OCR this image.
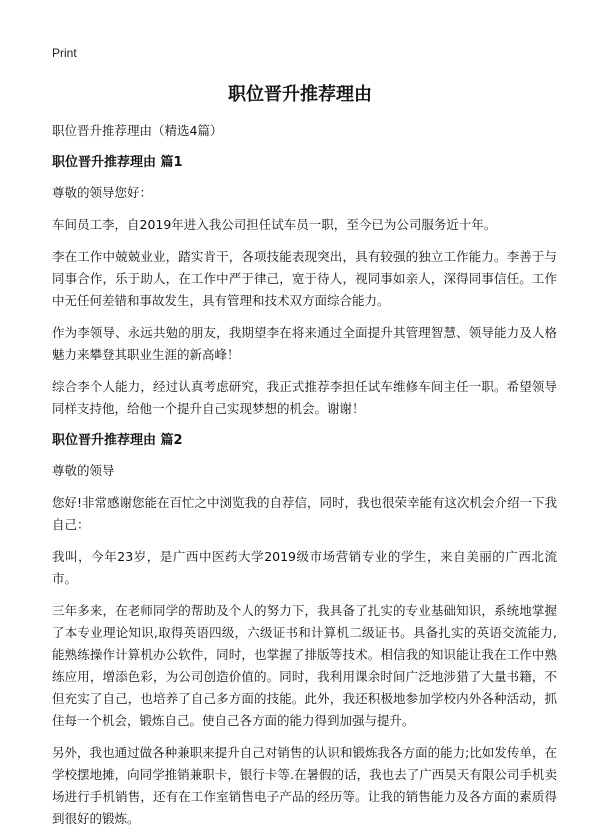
Print
职位晋升推荐理由

职位晋升推荐理由（精选4篇）

职位晋升推荐理由 篇1

尊敬的领导您好：

车间员工李，自2019年进入我公司担任试车员一职，至今已为公司服务近十年。

李在工作中兢兢业业，踏实肯干，各项技能表现突出，具有较强的独立工作能力。李善于与同事合作，乐于助人，在工作中严于律己，宽于待人，视同事如亲人，深得同事信任。工作中无任何差错和事故发生，具有管理和技术双方面综合能力。

作为李领导、永远共勉的朋友，我期望李在将来通过全面提升其管理智慧、领导能力及人格魅力来攀登其职业生涯的新高峰！

综合李个人能力，经过认真考虑研究，我正式推荐李担任试车维修车间主任一职。希望领导同样支持他，给他一个提升自己实现梦想的机会。谢谢！

职位晋升推荐理由 篇2

尊敬的领导

您好!非常感谢您能在百忙之中浏览我的自荐信，同时，我也很荣幸能有这次机会介绍一下我自己：

我叫，今年23岁，是广西中医药大学2019级市场营销专业的学生，来自美丽的广西北流市。

三年多来，在老师同学的帮助及个人的努力下，我具备了扎实的专业基础知识，系统地掌握了本专业理论知识,取得英语四级，六级证书和计算机二级证书。具备扎实的英语交流能力,能熟练操作计算机办公软件，同时，也掌握了排版等技术。相信我的知识能让我在工作中熟练应用，增添色彩，为公司创造价值的。同时，我利用课余时间广泛地涉猎了大量书籍，不但充实了自己，也培养了自己多方面的技能。此外，我还积极地参加学校内外各种活动，抓住每一个机会，锻炼自己。使自己各方面的能力得到加强与提升。

另外，我也通过做各种兼职来提升自己对销售的认识和锻炼我各方面的能力;比如发传单，在学校摆地摊，向同学推销兼职卡，银行卡等.在暑假的话，我也去了广西昊天有限公司手机卖场进行手机销售，还有在工作室销售电子产品的经历等。让我的销售能力及各方面的素质得到很好的锻炼。
